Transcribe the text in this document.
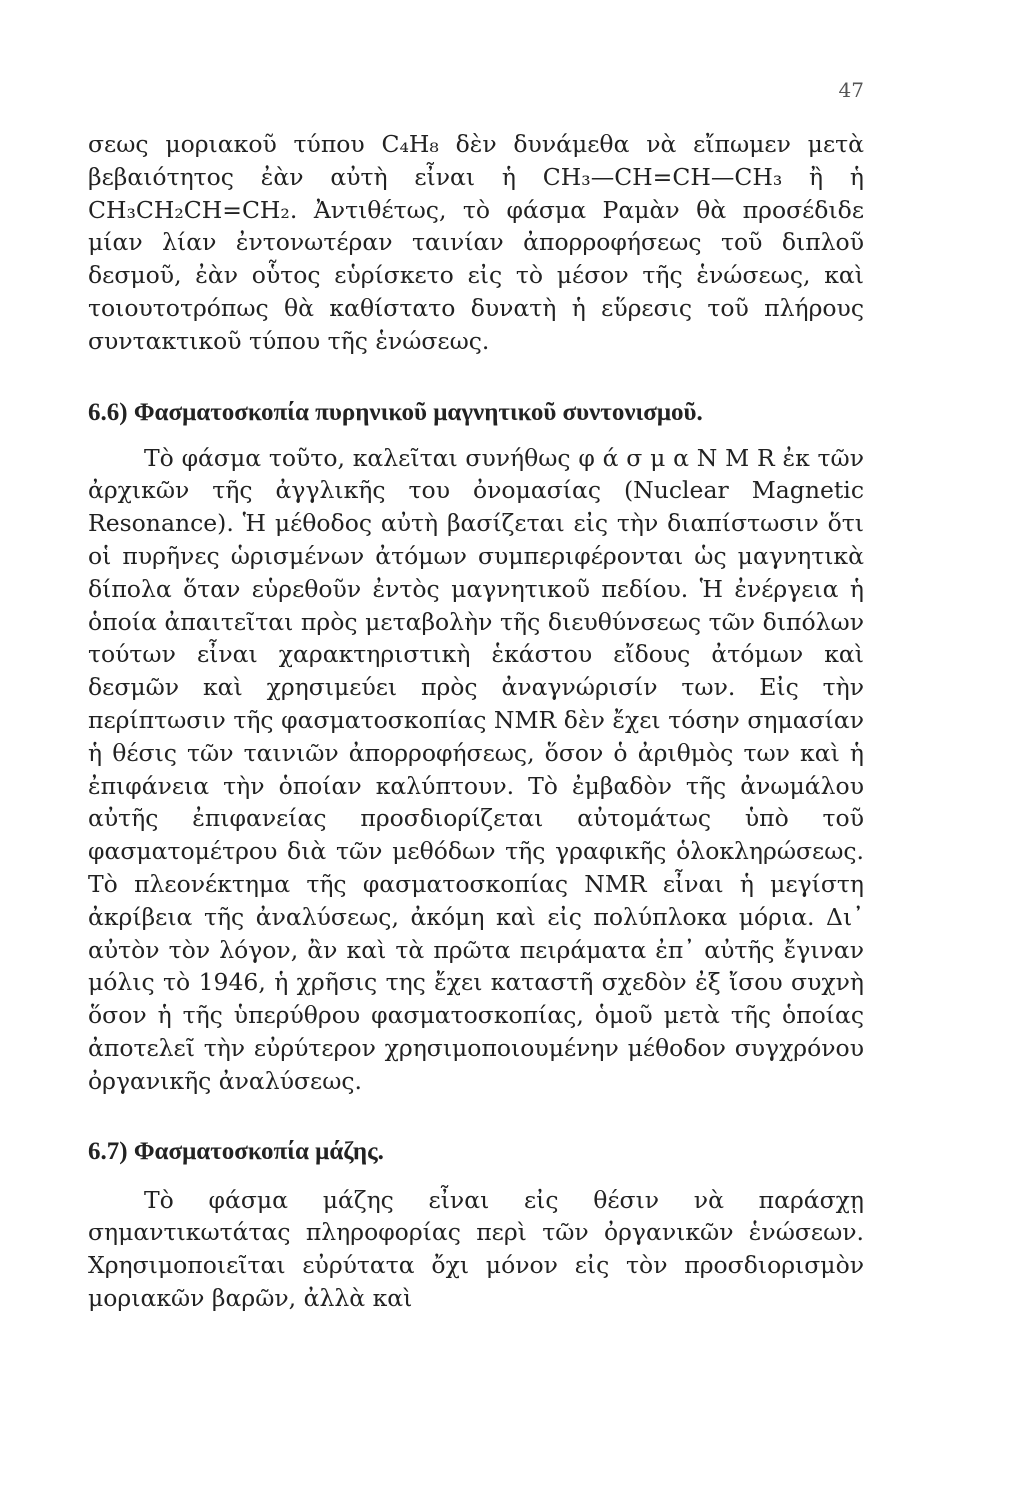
47

σεως μοριακοῦ τύπου C₄H₈ δὲν δυνάμεθα νὰ εἴπωμεν μετὰ βεβαιότητος ἐὰν αὐτὴ εἶναι ἡ CH₃—CH=CH—CH₃ ἢ ἡ CH₃CH₂CH=CH₂. Ἀντιθέτως, τὸ φάσμα Ραμὰν θὰ προσέδιδε μίαν λίαν ἐντονωτέραν ταινίαν ἀπορροφήσεως τοῦ διπλοῦ δεσμοῦ, ἐὰν οὗτος εὑρίσκετο εἰς τὸ μέσον τῆς ἑνώσεως, καὶ τοιουτοτρόπως θὰ καθίστατο δυνατὴ ἡ εὕρεσις τοῦ πλήρους συντακτικοῦ τύπου τῆς ἑνώσεως.

6.6) Φασματοσκοπία πυρηνικοῦ μαγνητικοῦ συντονισμοῦ.

Τὸ φάσμα τοῦτο, καλεῖται συνήθως φ ά σ μ α N M R ἐκ τῶν ἀρχικῶν τῆς ἀγγλικῆς του ὀνομασίας (Nuclear Magnetic Resonance). Ἡ μέθοδος αὐτὴ βασίζεται εἰς τὴν διαπίστωσιν ὅτι οἱ πυρῆνες ὡρισμένων ἀτόμων συμπεριφέρονται ὡς μαγνητικὰ δίπολα ὅταν εὑρεθοῦν ἐντὸς μαγνητικοῦ πεδίου. Ἡ ἐνέργεια ἡ ὁποία ἀπαιτεῖται πρὸς μεταβολὴν τῆς διευθύνσεως τῶν διπόλων τούτων εἶναι χαρακτηριστικὴ ἑκάστου εἴδους ἀτόμων καὶ δεσμῶν καὶ χρησιμεύει πρὸς ἀναγνώρισίν των. Εἰς τὴν περίπτωσιν τῆς φασματοσκοπίας NMR δὲν ἔχει τόσην σημασίαν ἡ θέσις τῶν ταινιῶν ἀπορροφήσεως, ὅσον ὁ ἀριθμὸς των καὶ ἡ ἐπιφάνεια τὴν ὁποίαν καλύπτουν. Τὸ ἐμβαδὸν τῆς ἀνωμάλου αὐτῆς ἐπιφανείας προσδιορίζεται αὐτομάτως ὑπὸ τοῦ φασματομέτρου διὰ τῶν μεθόδων τῆς γραφικῆς ὁλοκληρώσεως. Τὸ πλεονέκτημα τῆς φασματοσκοπίας NMR εἶναι ἡ μεγίστη ἀκρίβεια τῆς ἀναλύσεως, ἀκόμη καὶ εἰς πολύπλοκα μόρια. Δι᾽ αὐτὸν τὸν λόγον, ἂν καὶ τὰ πρῶτα πειράματα ἐπ᾽ αὐτῆς ἔγιναν μόλις τὸ 1946, ἡ χρῆσις της ἔχει καταστῆ σχεδὸν ἐξ ἴσου συχνὴ ὅσον ἡ τῆς ὑπερύθρου φασματοσκοπίας, ὁμοῦ μετὰ τῆς ὁποίας ἀποτελεῖ τὴν εὐρύτερον χρησιμοποιουμένην μέθοδον συγχρόνου ὀργανικῆς ἀναλύσεως.

6.7) Φασματοσκοπία μάζης.

Τὸ φάσμα μάζης εἶναι εἰς θέσιν νὰ παράσχῃ σημαντικωτάτας πληροφορίας περὶ τῶν ὀργανικῶν ἑνώσεων. Χρησιμοποιεῖται εὐρύτατα ὄχι μόνον εἰς τὸν προσδιορισμὸν μοριακῶν βαρῶν, ἀλλὰ καὶ
